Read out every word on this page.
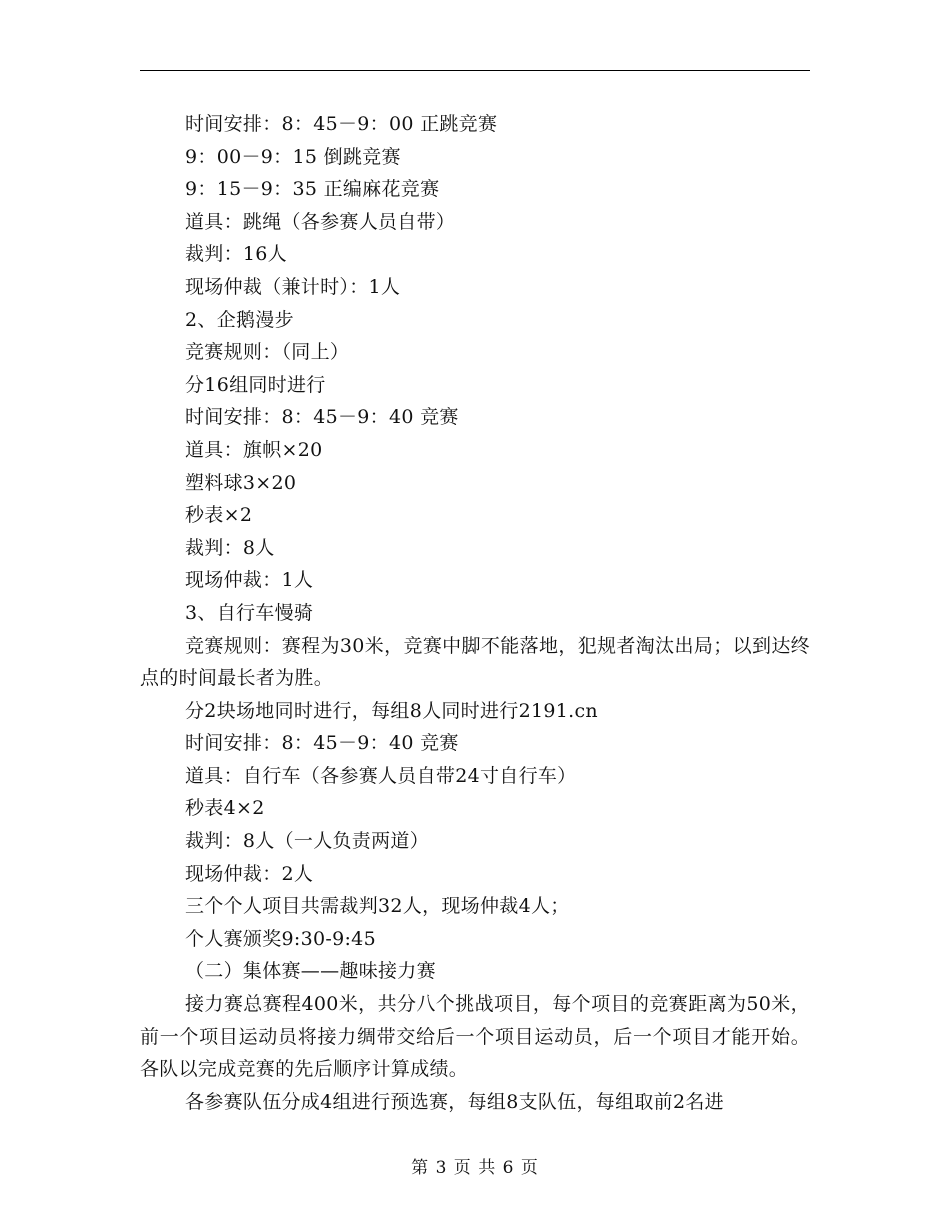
时间安排：8：45－9：00 正跳竞赛
9：00－9：15 倒跳竞赛
9：15－9：35 正编麻花竞赛
道具：跳绳（各参赛人员自带）
裁判：16人
现场仲裁（兼计时）：1人
2、企鹅漫步
竞赛规则：（同上）
分16组同时进行
时间安排：8：45－9：40 竞赛
道具：旗帜×20
塑料球3×20
秒表×2
裁判：8人
现场仲裁：1人
3、自行车慢骑

竞赛规则：赛程为30米，竞赛中脚不能落地，犯规者淘汰出局；以到达终点的时间最长者为胜。

分2块场地同时进行，每组8人同时进行2191.cn
时间安排：8：45－9：40 竞赛
道具：自行车（各参赛人员自带24寸自行车）
秒表4×2
裁判：8人（一人负责两道）
现场仲裁：2人
三个个人项目共需裁判32人，现场仲裁4人；
个人赛颁奖9:30-9:45
（二）集体赛——趣味接力赛

接力赛总赛程400米，共分八个挑战项目，每个项目的竞赛距离为50米，前一个项目运动员将接力绸带交给后一个项目运动员，后一个项目才能开始。各队以完成竞赛的先后顺序计算成绩。

各参赛队伍分成4组进行预选赛，每组8支队伍，每组取前2名进

第 3 页 共 6 页
